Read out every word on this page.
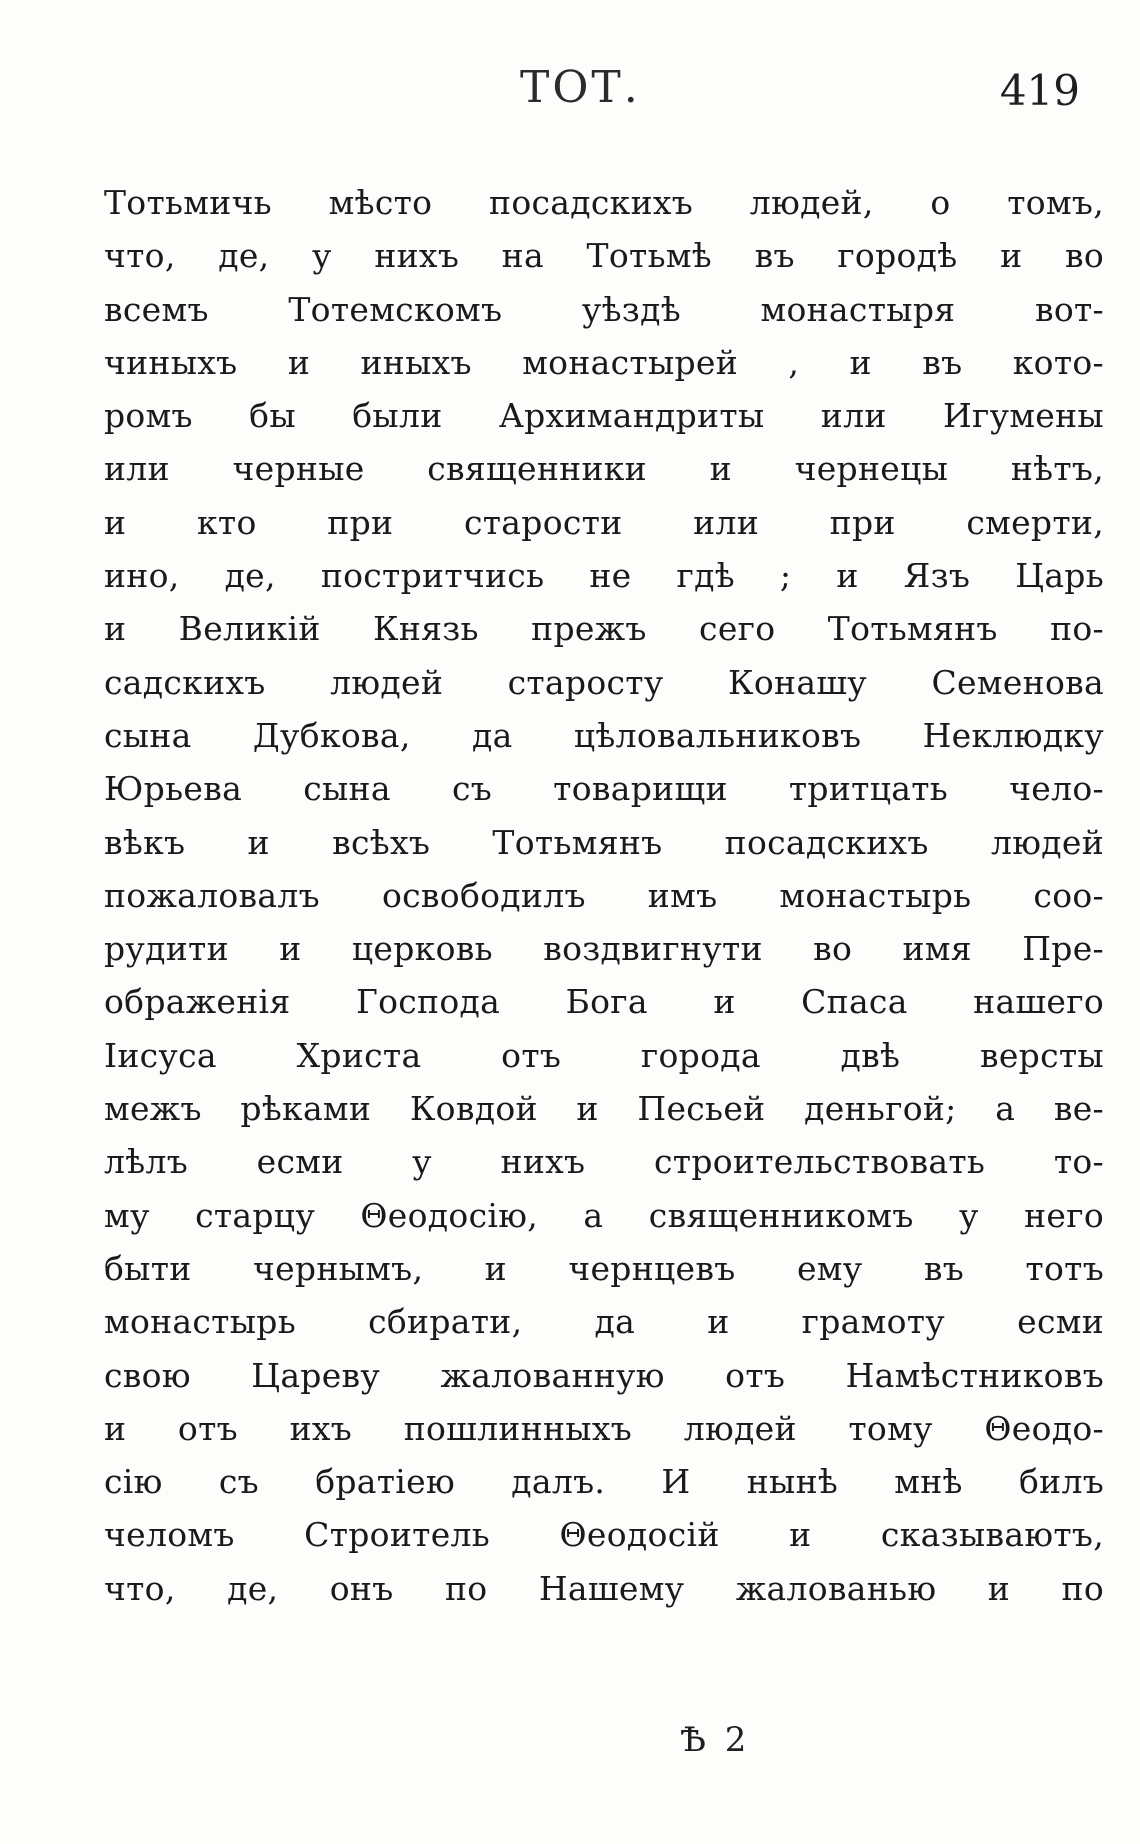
ТОТ.	419
Тотьмичь мѣсто посадскихъ людей, о томъ,
что, де, у нихъ на Тотьмѣ въ городѣ и во
всемъ Тотемскомъ уѣздѣ монастыря вот-
чиныхъ и иныхъ монастырей , и въ кото-
ромъ бы были Архимандриты или Игумены
или черные священники и чернецы нѣтъ,
и кто при старости или при смерти,
ино, де, постритчись не гдѣ ; и Язъ Царь
и Великій Князь прежъ сего Тотьмянъ по-
садскихъ людей старосту Конашу Семенова
сына Дубкова, да цѣловальниковъ Неклюдку
Юрьева сына съ товарищи тритцать чело-
вѣкъ и всѣхъ Тотьмянъ посадскихъ людей
пожаловалъ освободилъ имъ монастырь соо-
рудити и церковь воздвигнути во имя Пре-
ображенія Господа Бога и Спаса нашего
Іисуса Христа отъ города двѣ версты
межъ рѣками Ковдой и Песьей деньгой; а ве-
лѣлъ есми у нихъ строительствовать то-
му старцу Θеодосію, а священникомъ у него
быти чернымъ, и чернцевъ ему въ тотъ
монастырь сбирати, да и грамоту есми
свою Цареву жалованную отъ Намѣстниковъ
и отъ ихъ пошлинныхъ людей тому Θеодо-
сію съ братіею далъ. И нынѣ мнѣ билъ
челомъ Строитель Θеодосій и сказываютъ,
что, де, онъ по Нашему жалованью и по
Ѣ 2
